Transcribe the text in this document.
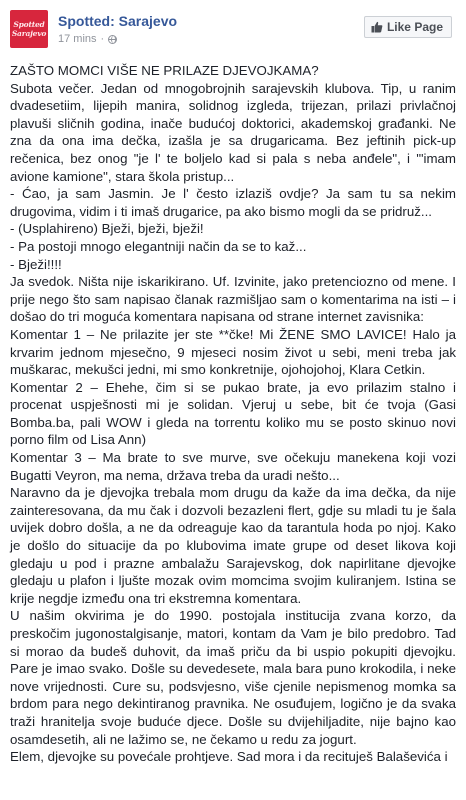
Spotted
Sarajevo
Spotted: Sarajevo
17 mins ·
Like Page

ZAŠTO MOMCI VIŠE NE PRILAZE DJEVOJKAMA?

Subota večer. Jedan od mnogobrojnih sarajevskih klubova. Tip, u ranim dvadesetiim, lijepih manira, solidnog izgleda, trijezan, prilazi privlačnoj plavuši sličnih godina, inače budućoj doktorici, akademskoj građanki. Ne zna da ona ima dečka, izašla je sa drugaricama. Bez jeftinih pick-up rečenica, bez onog "je l' te boljelo kad si pala s neba anđele", i '"imam avione kamione", stara škola pristup...

- Ćao, ja sam Jasmin. Je l' često izlaziš ovdje? Ja sam tu sa nekim drugovima, vidim i ti imaš drugarice, pa ako bismo mogli da se pridruž...

- (Usplahireno) Bježi, bježi, bježi!

- Pa postoji mnogo elegantniji način da se to kaž...

- Bježi!!!!

Ja svedok. Ništa nije iskarikirano. Uf. Izvinite, jako pretenciozno od mene. I prije nego što sam napisao članak razmišljao sam o komentarima na isti – i došao do tri moguća komentara napisana od strane internet zavisnika:

Komentar 1 – Ne prilazite jer ste **čke! Mi ŽENE SMO LAVICE! Halo ja krvarim jednom mjesečno, 9 mjeseci nosim život u sebi, meni treba jak muškarac, mekušci jedni, mi smo konkretnije, ojohojohoj, Klara Cetkin.

Komentar 2 – Ehehe, čim si se pukao brate, ja evo prilazim stalno i procenat uspješnosti mi je solidan. Vjeruj u sebe, bit će tvoja (Gasi Bomba.ba, pali WOW i gleda na torrentu koliko mu se posto skinuo novi porno film od Lisa Ann)

Komentar 3 – Ma brate to sve murve, sve očekuju manekena koji vozi Bugatti Veyron, ma nema, država treba da uradi nešto...

Naravno da je djevojka trebala mom drugu da kaže da ima dečka, da nije zainteresovana, da mu čak i dozvoli bezazleni flert, gdje su mladi tu je šala uvijek dobro došla, a ne da odreaguje kao da tarantula hoda po njoj. Kako je došlo do situacije da po klubovima imate grupe od deset likova koji gledaju u pod i prazne ambalažu Sarajevskog, dok napirlitane djevojke gledaju u plafon i ljušte mozak ovim momcima svojim kuliranjem. Istina se krije negdje između ona tri ekstremna komentara.

U našim okvirima je do 1990. postojala institucija zvana korzo, da preskočim jugonostalgisanje, matori, kontam da Vam je bilo predobro. Tad si morao da budeš duhovit, da imaš priču da bi uspio pokupiti djevojku. Pare je imao svako. Došle su devedesete, mala bara puno krokodila, i neke nove vrijednosti. Cure su, podsvjesno, više cjenile nepismenog momka sa brdom para nego dekintiranog pravnika. Ne osuđujem, logično je da svaka traži hraniteljа svoje buduće djece. Došle su dvijehiljadite, nije bajno kao osamdesetih, ali ne lažimo se, ne čekamo u redu za jogurt.

Elem, djevojke su povećale prohtjeve. Sad mora i da recituješ Balaševića i
